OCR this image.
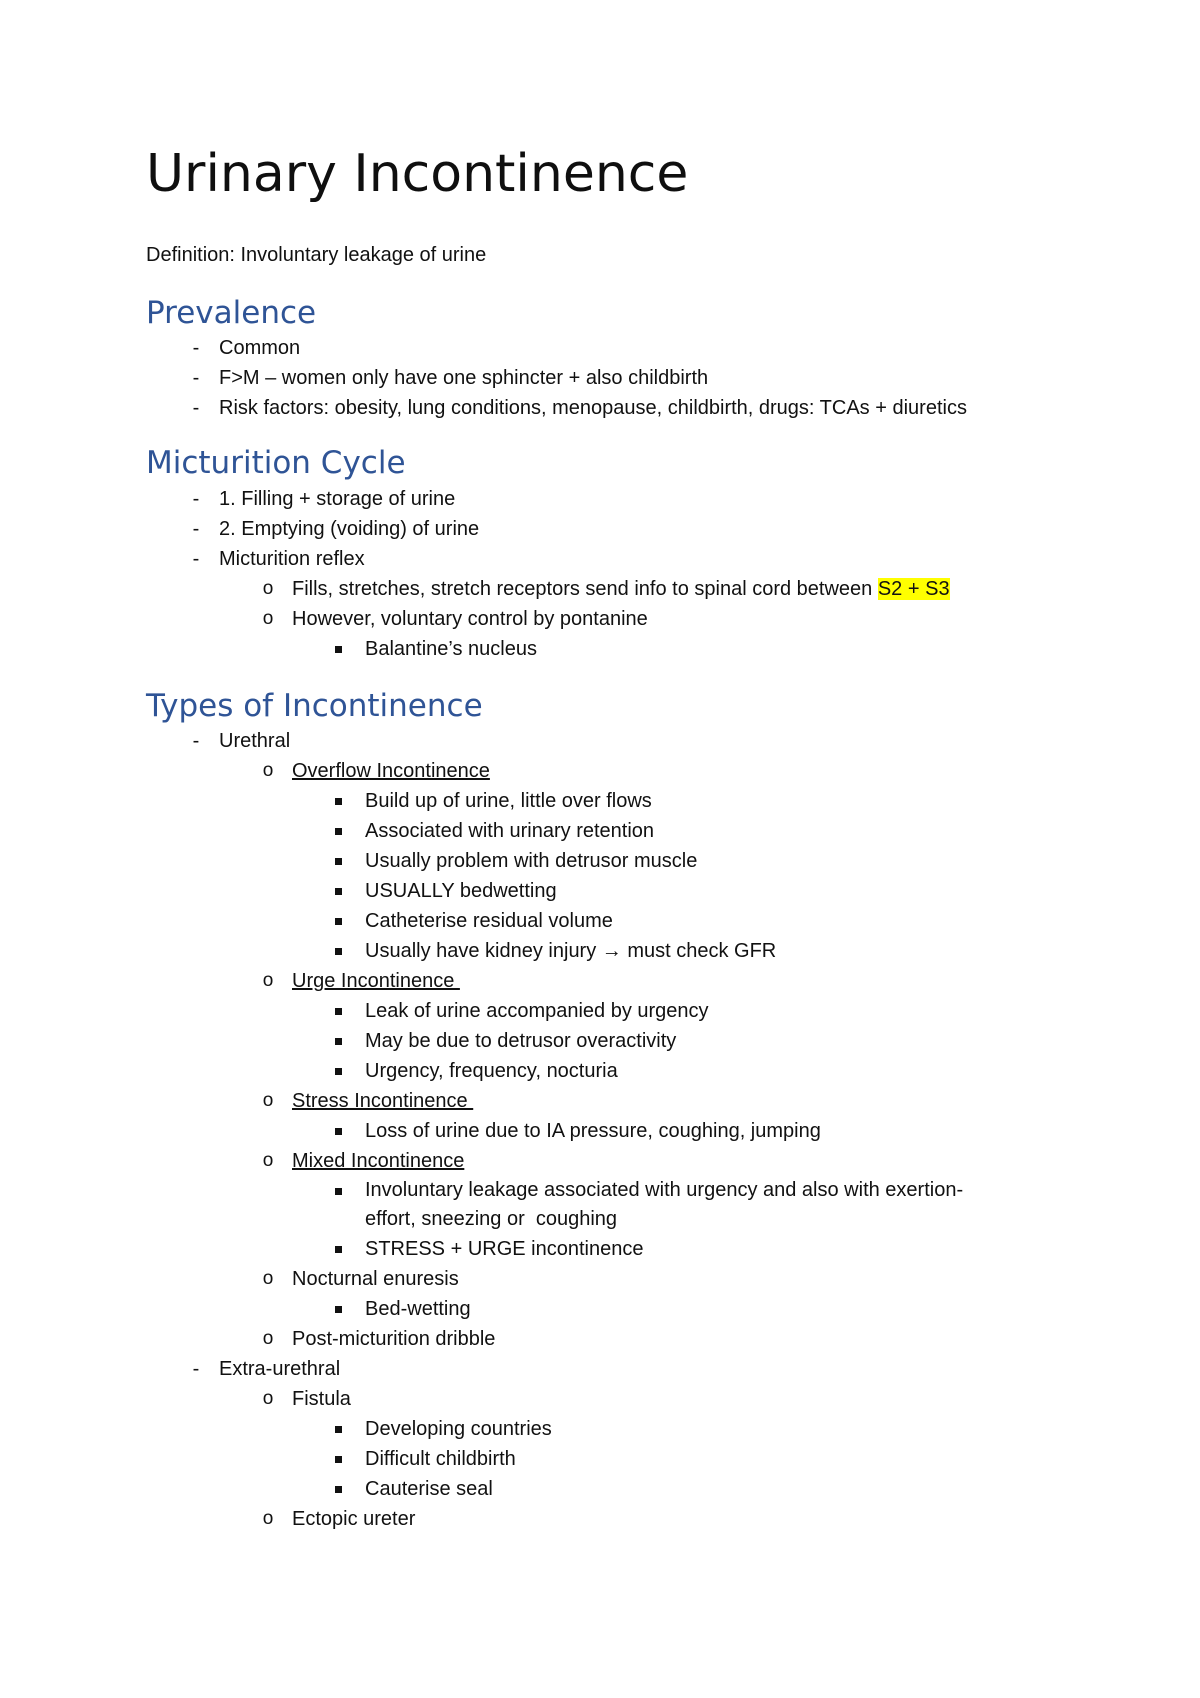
Urinary Incontinence
Definition: Involuntary leakage of urine
Prevalence
- Common
- F>M – women only have one sphincter + also childbirth
- Risk factors: obesity, lung conditions, menopause, childbirth, drugs: TCAs + diuretics
Micturition Cycle
- 1. Filling + storage of urine
- 2. Emptying (voiding) of urine
- Micturition reflex
o Fills, stretches, stretch receptors send info to spinal cord between S2 + S3
o However, voluntary control by pontanine
Balantine’s nucleus
Types of Incontinence
- Urethral
o Overflow Incontinence
Build up of urine, little over flows
Associated with urinary retention
Usually problem with detrusor muscle
USUALLY bedwetting
Catheterise residual volume
Usually have kidney injury → must check GFR
o Urge Incontinence
Leak of urine accompanied by urgency
May be due to detrusor overactivity
Urgency, frequency, nocturia
o Stress Incontinence
Loss of urine due to IA pressure, coughing, jumping
o Mixed Incontinence
Involuntary leakage associated with urgency and also with exertion-
effort, sneezing or  coughing
STRESS + URGE incontinence
o Nocturnal enuresis
Bed-wetting
o Post-micturition dribble
- Extra-urethral
o Fistula
Developing countries
Difficult childbirth
Cauterise seal
o Ectopic ureter
